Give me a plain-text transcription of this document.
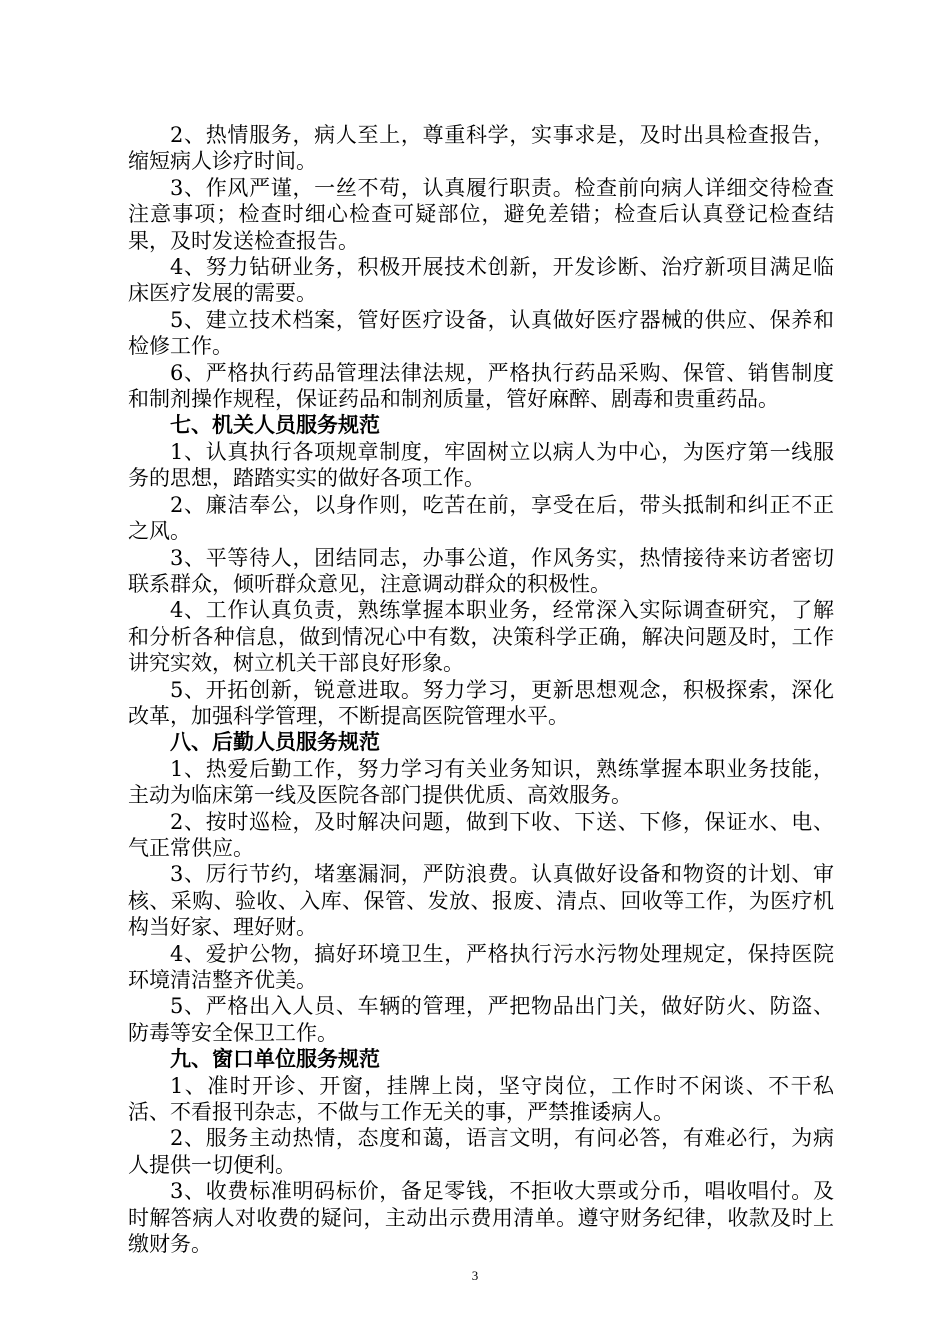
2、热情服务，病人至上，尊重科学，实事求是，及时出具检查报告，缩短病人诊疗时间。

3、作风严谨，一丝不苟，认真履行职责。检查前向病人详细交待检查注意事项；检查时细心检查可疑部位，避免差错；检查后认真登记检查结果，及时发送检查报告。

4、努力钻研业务，积极开展技术创新，开发诊断、治疗新项目满足临床医疗发展的需要。

5、建立技术档案，管好医疗设备，认真做好医疗器械的供应、保养和检修工作。

6、严格执行药品管理法律法规，严格执行药品采购、保管、销售制度和制剂操作规程，保证药品和制剂质量，管好麻醉、剧毒和贵重药品。

七、机关人员服务规范

1、认真执行各项规章制度，牢固树立以病人为中心，为医疗第一线服务的思想，踏踏实实的做好各项工作。

2、廉洁奉公，以身作则，吃苦在前，享受在后，带头抵制和纠正不正之风。

3、平等待人，团结同志，办事公道，作风务实，热情接待来访者密切联系群众，倾听群众意见，注意调动群众的积极性。

4、工作认真负责，熟练掌握本职业务，经常深入实际调查研究，了解和分析各种信息，做到情况心中有数，决策科学正确，解决问题及时，工作讲究实效，树立机关干部良好形象。

5、开拓创新，锐意进取。努力学习，更新思想观念，积极探索，深化改革，加强科学管理，不断提高医院管理水平。

八、后勤人员服务规范

1、热爱后勤工作，努力学习有关业务知识，熟练掌握本职业务技能，主动为临床第一线及医院各部门提供优质、高效服务。

2、按时巡检，及时解决问题，做到下收、下送、下修，保证水、电、气正常供应。

3、厉行节约，堵塞漏洞，严防浪费。认真做好设备和物资的计划、审核、采购、验收、入库、保管、发放、报废、清点、回收等工作，为医疗机构当好家、理好财。

4、爱护公物，搞好环境卫生，严格执行污水污物处理规定，保持医院环境清洁整齐优美。

5、严格出入人员、车辆的管理，严把物品出门关，做好防火、防盗、防毒等安全保卫工作。

九、窗口单位服务规范

1、准时开诊、开窗，挂牌上岗，坚守岗位，工作时不闲谈、不干私活、不看报刊杂志，不做与工作无关的事，严禁推诿病人。

2、服务主动热情，态度和蔼，语言文明，有问必答，有难必行，为病人提供一切便利。

3、收费标准明码标价，备足零钱，不拒收大票或分币，唱收唱付。及时解答病人对收费的疑问，主动出示费用清单。遵守财务纪律，收款及时上缴财务。

3
